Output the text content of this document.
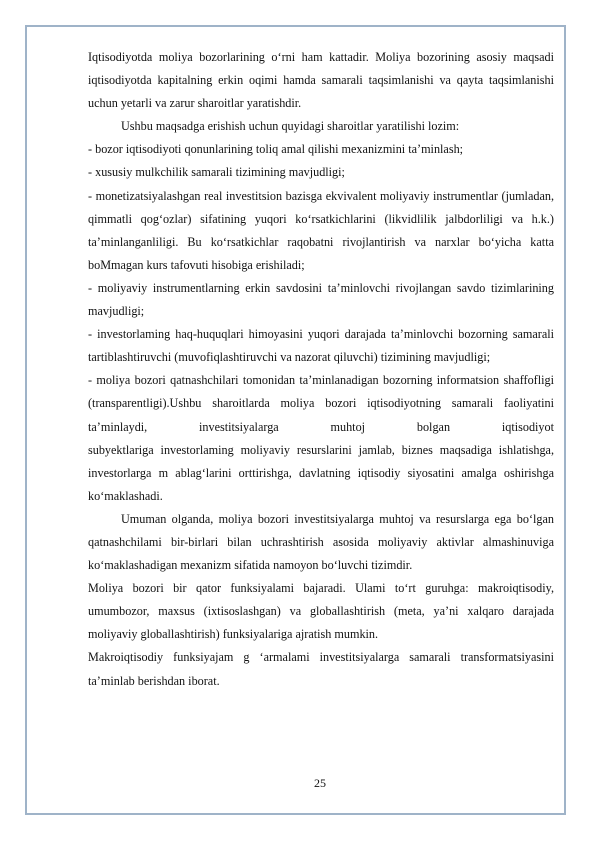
Iqtisodiyotda moliya bozorlarining o‘rni ham kattadir. Moliya bozorining asosiy maqsadi iqtisodiyotda kapitalning erkin oqimi hamda samarali taqsimlanishi va qayta taqsimlanishi uchun yetarli va zarur sharoitlar yaratishdir.

Ushbu maqsadga erishish uchun quyidagi sharoitlar yaratilishi lozim:

- bozor iqtisodiyoti qonunlarining toliq amal qilishi mexanizmini ta’minlash;

- xususiy mulkchilik samarali tizimining mavjudligi;

- monetizatsiyalashgan real investitsion bazisga ekvivalent moliyaviy instrumentlar (jumladan, qimmatli qog‘ozlar) sifatining yuqori ko‘rsatkichlarini (likvidlilik jalbdorliligi va h.k.) ta’minlanganliligi. Bu ko‘rsatkichlar raqobatni rivojlantirish va narxlar bo‘yicha katta boMmagan kurs tafovuti hisobiga erishiladi;

- moliyaviy instrumentlarning erkin savdosini ta’minlovchi rivojlangan savdo tizimlarining mavjudligi;

- investorlaming haq-huquqlari himoyasini yuqori darajada ta’minlovchi bozorning samarali tartiblashtiruvchi (muvofiqlashtiruvchi va nazorat qiluvchi) tizimining mavjudligi;

- moliya bozori qatnashchilari tomonidan ta’minlanadigan bozorning informatsion shaffofligi (transparentligi).Ushbu sharoitlarda moliya bozori iqtisodiyotning samarali faoliyatini ta’minlaydi, investitsiyalarga muhtoj bolgan iqtisodiyot

subyektlariga investorlaming moliyaviy resurslarini jamlab, biznes maqsadiga ishlatishga, investorlarga m ablag‘larini orttirishga, davlatning iqtisodiy siyosatini amalga oshirishga ko‘maklashadi.

Umuman olganda, moliya bozori investitsiyalarga muhtoj va resurslarga ega bo‘lgan qatnashchilami bir-birlari bilan uchrashtirish asosida moliyaviy aktivlar almashinuviga ko‘maklashadigan mexanizm sifatida namoyon bo‘luvchi tizimdir.

Moliya bozori bir qator funksiyalami bajaradi. Ulami to‘rt guruhga: makroiqtisodiy, umumbozor, maxsus (ixtisoslashgan) va globallashtirish (meta, ya’ni xalqaro darajada moliyaviy globallashtirish) funksiyalariga ajratish mumkin.

Makroiqtisodiy funksiyajam g ‘armalami investitsiyalarga samarali transformatsiyasini ta’minlab berishdan iborat.

25
